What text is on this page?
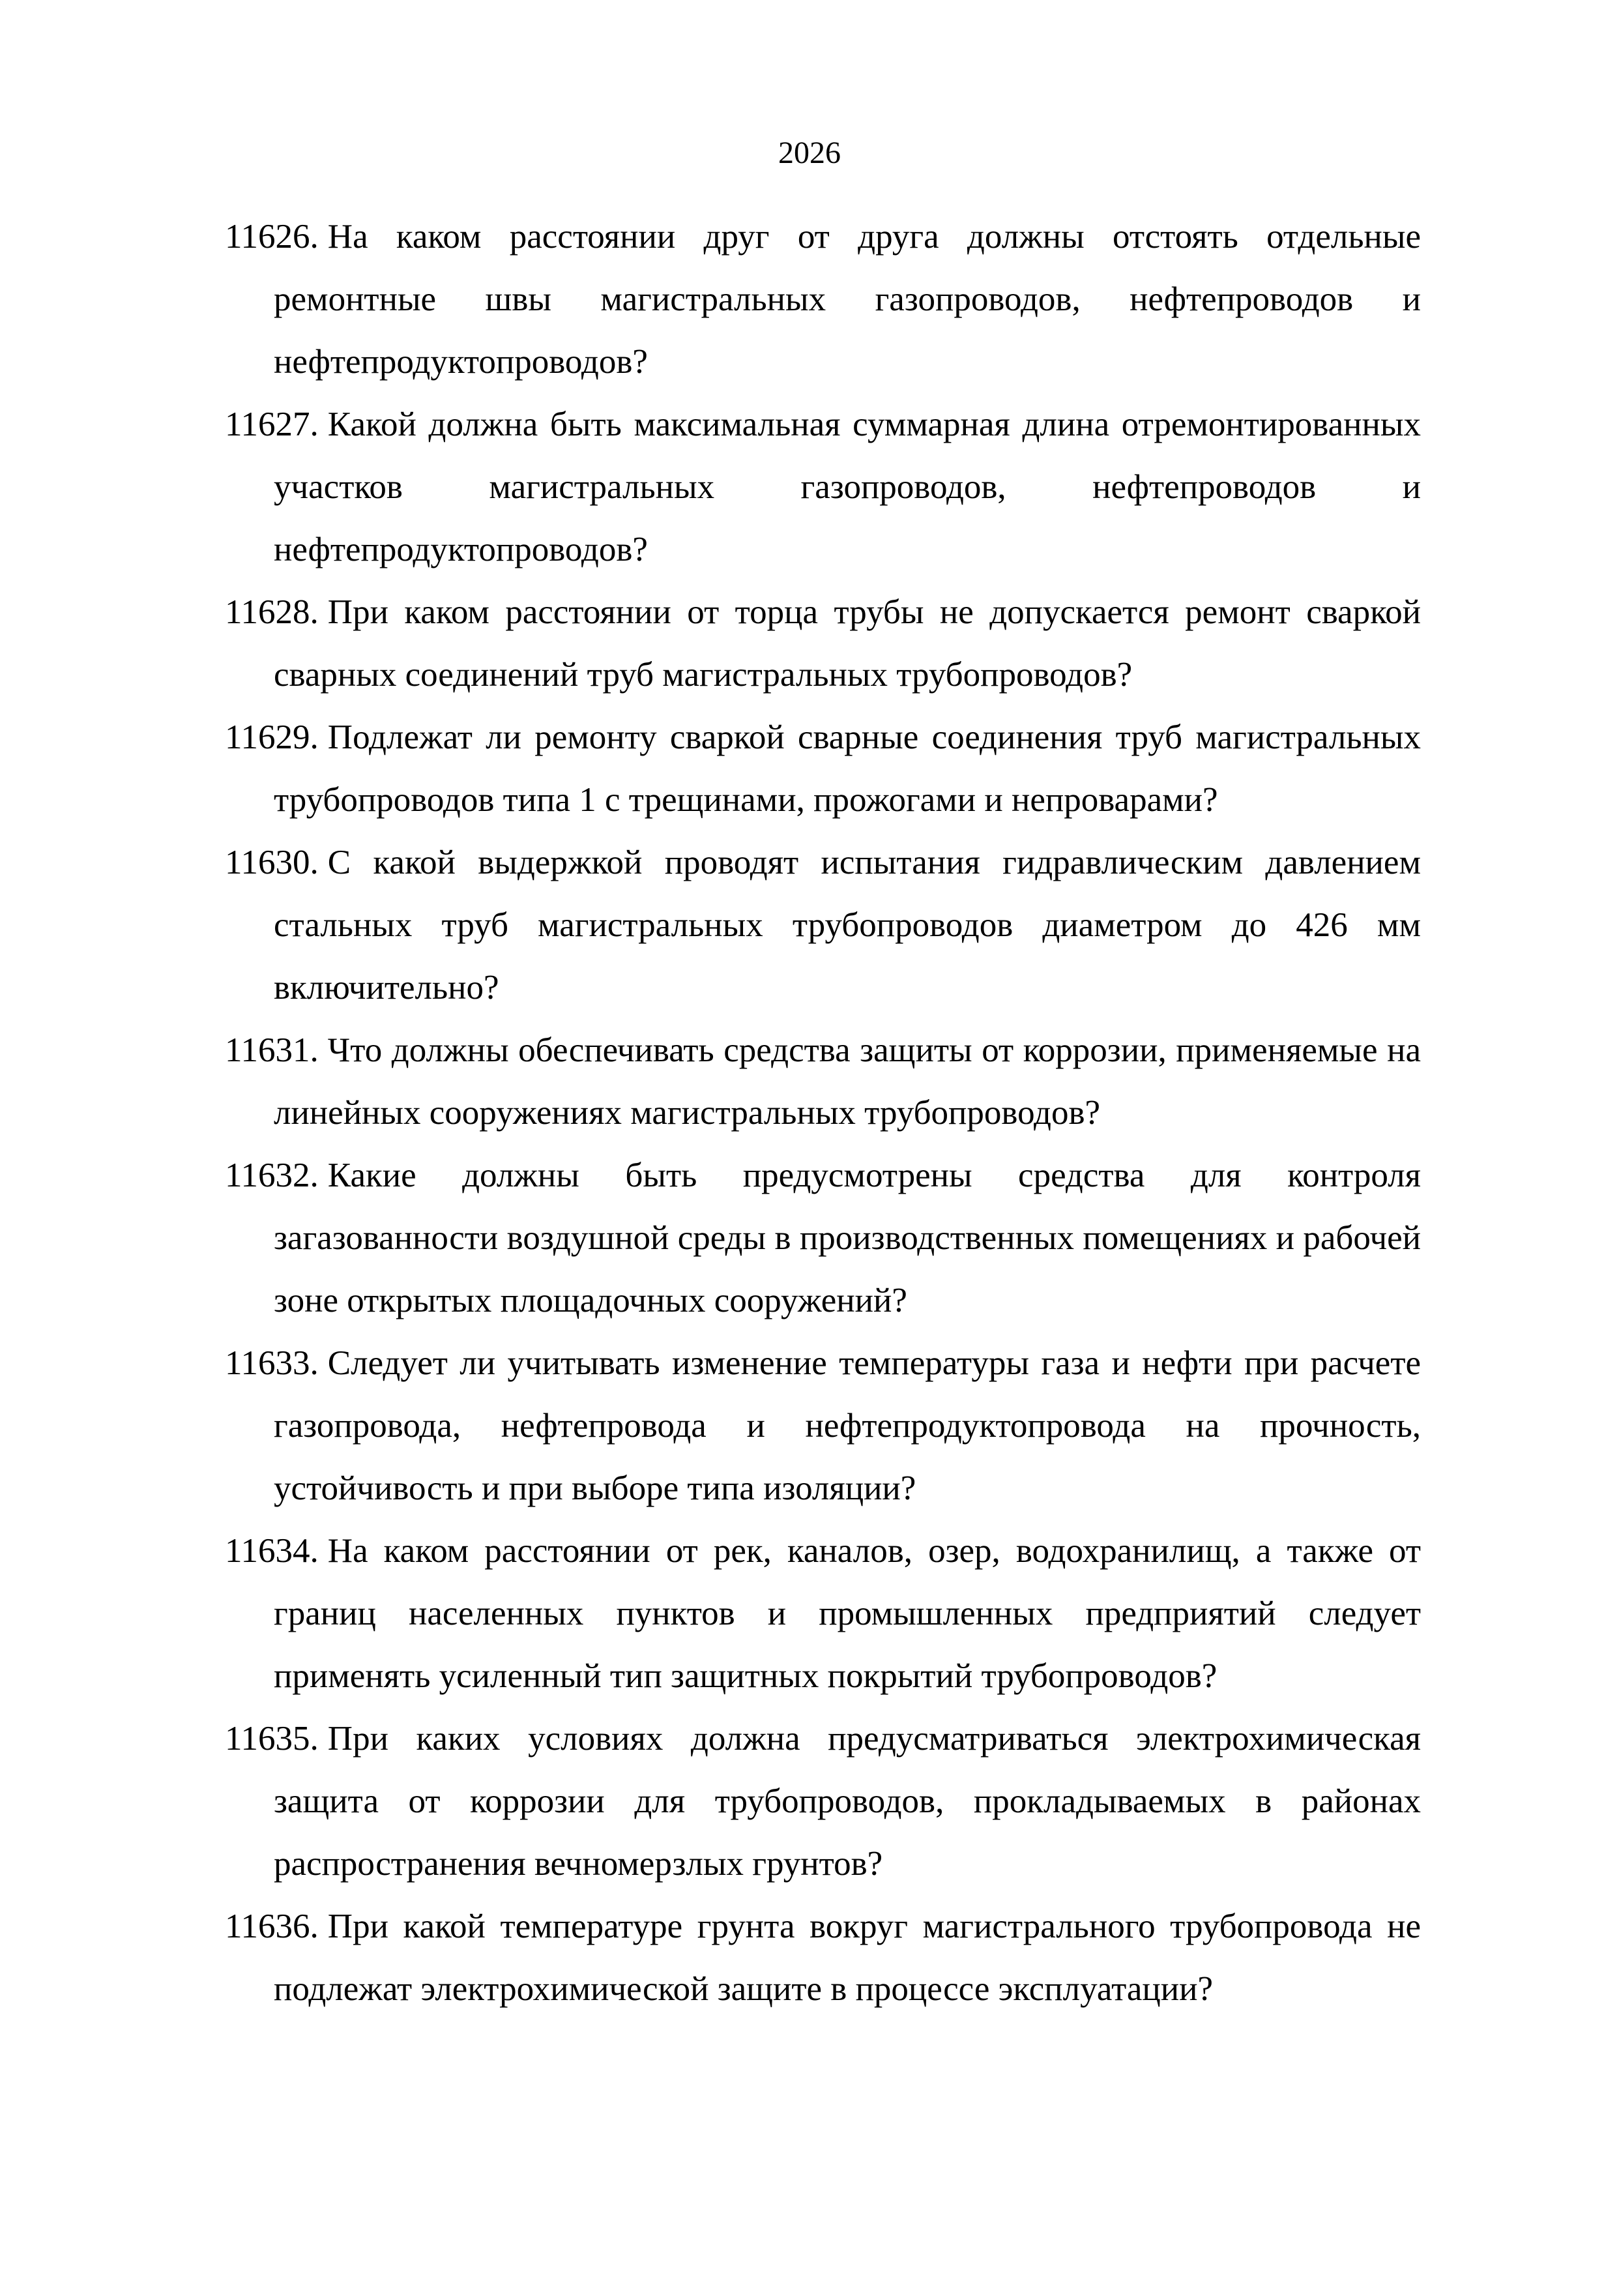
2026

11626. На каком расстоянии друг от друга должны отстоять отдельные ремонтные швы магистральных газопроводов, нефтепроводов и нефтепродуктопроводов?

11627. Какой должна быть максимальная суммарная длина отремонтированных участков магистральных газопроводов, нефтепроводов и нефтепродуктопроводов?

11628. При каком расстоянии от торца трубы не допускается ремонт сваркой сварных соединений труб магистральных трубопроводов?

11629. Подлежат ли ремонту сваркой сварные соединения труб магистральных трубопроводов типа 1 с трещинами, прожогами и непроварами?

11630. С какой выдержкой проводят испытания гидравлическим давлением стальных труб магистральных трубопроводов диаметром до 426 мм включительно?

11631. Что должны обеспечивать средства защиты от коррозии, применяемые на линейных сооружениях магистральных трубопроводов?

11632. Какие должны быть предусмотрены средства для контроля загазованности воздушной среды в производственных помещениях и рабочей зоне открытых площадочных сооружений?

11633. Следует ли учитывать изменение температуры газа и нефти при расчете газопровода, нефтепровода и нефтепродуктопровода на прочность, устойчивость и при выборе типа изоляции?

11634. На каком расстоянии от рек, каналов, озер, водохранилищ, а также от границ населенных пунктов и промышленных предприятий следует применять усиленный тип защитных покрытий трубопроводов?

11635. При каких условиях должна предусматриваться электрохимическая защита от коррозии для трубопроводов, прокладываемых в районах распространения вечномерзлых грунтов?

11636. При какой температуре грунта вокруг магистрального трубопровода не подлежат электрохимической защите в процессе эксплуатации?
